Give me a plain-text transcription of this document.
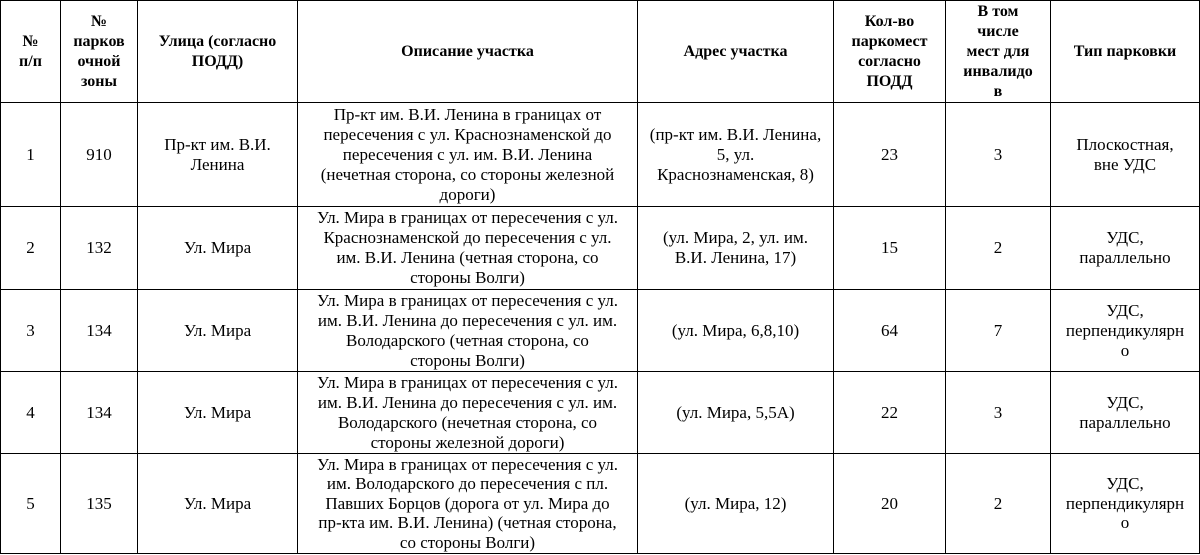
№
п/п	№
парков
очной
зоны	Улица (согласно
ПОДД)	Описание участка	Адрес участка	Кол-во
паркомест
согласно
ПОДД	В том
числе
мест для
инвалидо
в	Тип парковки
1	910	Пр-кт им. В.И.
Ленина	Пр-кт им. В.И. Ленина в границах от
пересечения с ул. Краснознаменской до
пересечения с ул. им. В.И. Ленина
(нечетная сторона, со стороны железной
дороги)	(пр-кт им. В.И. Ленина,
5, ул.
Краснознаменская, 8)	23	3	Плоскостная,
вне УДС
2	132	Ул. Мира	Ул. Мира в границах от пересечения с ул.
Краснознаменской до пересечения с ул.
им. В.И. Ленина (четная сторона, со
стороны Волги)	(ул. Мира, 2, ул. им.
В.И. Ленина, 17)	15	2	УДС,
параллельно
3	134	Ул. Мира	Ул. Мира в границах от пересечения с ул.
им. В.И. Ленина до пересечения с ул. им.
Володарского (четная сторона, со
стороны Волги)	(ул. Мира, 6,8,10)	64	7	УДС,
перпендикулярн
о
4	134	Ул. Мира	Ул. Мира в границах от пересечения с ул.
им. В.И. Ленина до пересечения с ул. им.
Володарского (нечетная сторона, со
стороны железной дороги)	(ул. Мира, 5,5А)	22	3	УДС,
параллельно
5	135	Ул. Мира	Ул. Мира в границах от пересечения с ул.
им. Володарского до пересечения с пл.
Павших Борцов (дорога от ул. Мира до
пр-кта им. В.И. Ленина) (четная сторона,
со стороны Волги)	(ул. Мира, 12)	20	2	УДС,
перпендикулярн
о
